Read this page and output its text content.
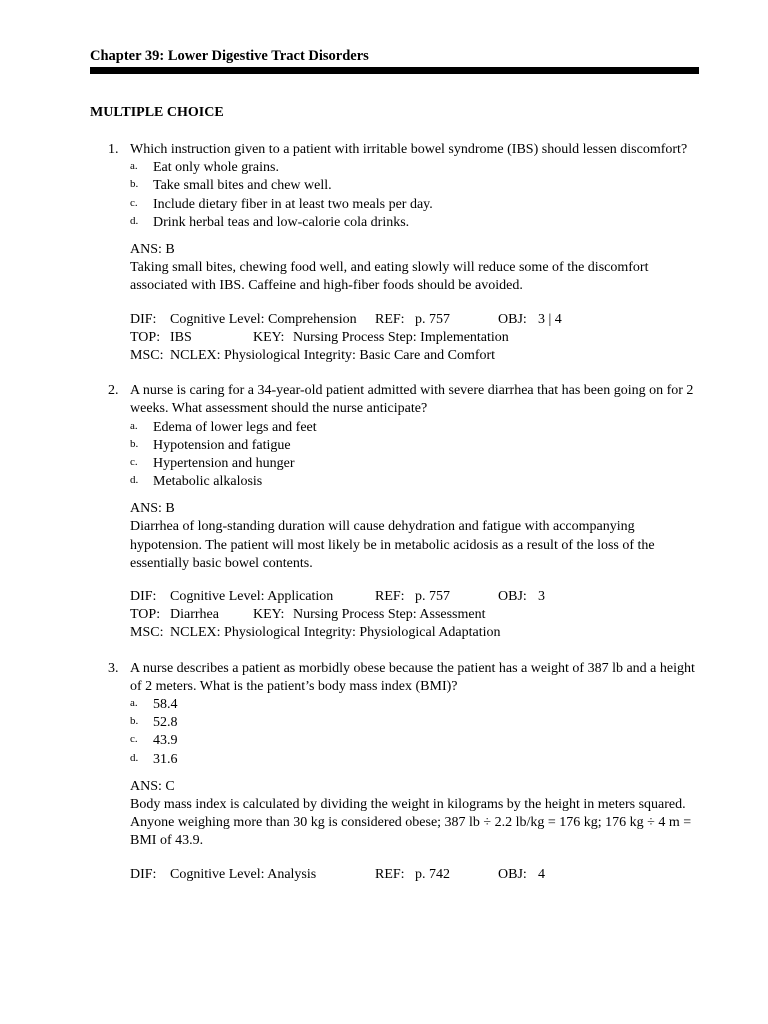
Chapter 39: Lower Digestive Tract Disorders
MULTIPLE CHOICE
1. Which instruction given to a patient with irritable bowel syndrome (IBS) should lessen discomfort?

a. Eat only whole grains.
b. Take small bites and chew well.
c. Include dietary fiber in at least two meals per day.
d. Drink herbal teas and low-calorie cola drinks.
ANS: B

Taking small bites, chewing food well, and eating slowly will reduce some of the discomfort associated with IBS. Caffeine and high-fiber foods should be avoided.

DIF: Cognitive Level: Comprehension REF: p. 757	OBJ: 3 | 4
TOP: IBS	KEY: Nursing Process Step: Implementation
MSC: NCLEX: Physiological Integrity: Basic Care and Comfort
2. A nurse is caring for a 34-year-old patient admitted with severe diarrhea that has been going on for 2 weeks. What assessment should the nurse anticipate?

a. Edema of lower legs and feet
b. Hypotension and fatigue
c. Hypertension and hunger
d. Metabolic alkalosis
ANS: B

Diarrhea of long-standing duration will cause dehydration and fatigue with accompanying hypotension. The patient will most likely be in metabolic acidosis as a result of the loss of the essentially basic bowel contents.

DIF: Cognitive Level: Application	REF: p. 757	OBJ: 3
TOP: Diarrhea KEY: Nursing Process Step: Assessment
MSC: NCLEX: Physiological Integrity: Physiological Adaptation
3. A nurse describes a patient as morbidly obese because the patient has a weight of 387 lb and a height of 2 meters. What is the patient’s body mass index (BMI)?

a. 58.4
b. 52.8
c. 43.9
d. 31.6
ANS: C

Body mass index is calculated by dividing the weight in kilograms by the height in meters squared. Anyone weighing more than 30 kg is considered obese; 387 lb ÷ 2.2 lb/kg = 176 kg; 176 kg ÷ 4 m = BMI of 43.9.

DIF: Cognitive Level: Analysis	REF: p. 742	OBJ: 4
